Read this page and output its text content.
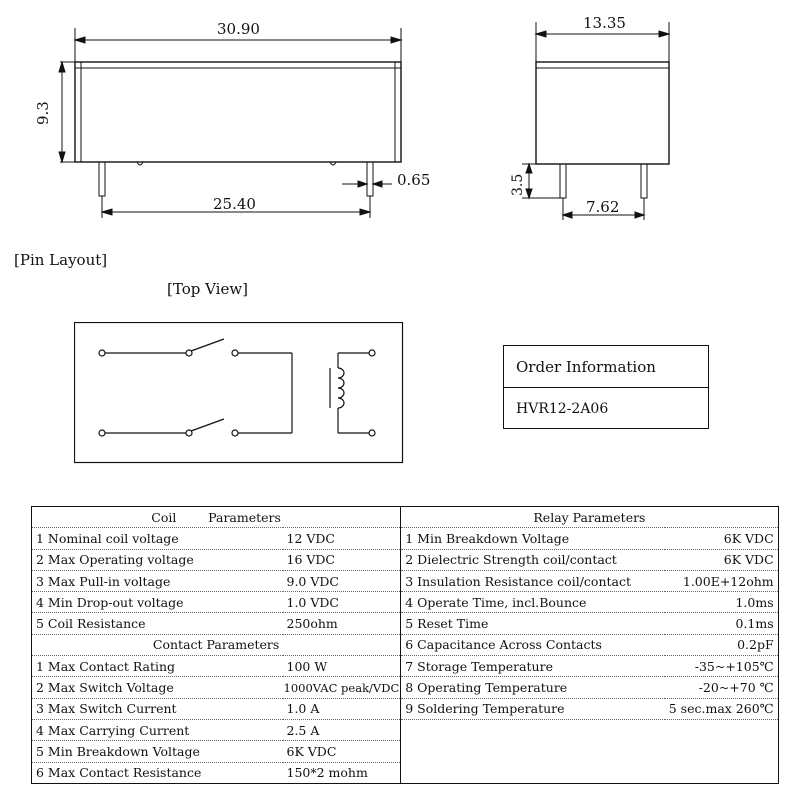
30.90
9.3
0.65
25.40
13.35
3.5
7.62
[Pin Layout]
[Top View]
Order Information
HVR12-2A06
Coil        Parameters		Relay Parameters	
1 Nominal coil voltage	12 VDC	1 Min Breakdown Voltage	6K VDC
2 Max Operating voltage	16 VDC	2 Dielectric Strength coil/contact	6K VDC
3 Max Pull-in voltage	9.0 VDC	3 Insulation Resistance coil/contact	1.00E+12ohm
4 Min Drop-out voltage	1.0 VDC	4 Operate Time, incl.Bounce	1.0ms
5 Coil Resistance	250ohm	5 Reset Time	0.1ms
Contact Parameters		6 Capacitance Across Contacts	0.2pF
1 Max Contact Rating	100 W	7 Storage Temperature	-35~+105℃
2 Max Switch Voltage	1000VAC peak/VDC	8 Operating Temperature	-20~+70 ℃
3 Max Switch Current	1.0 A	9 Soldering Temperature	5 sec.max 260℃
4 Max Carrying Current	2.5 A		
5 Min Breakdown Voltage	6K VDC		
6 Max Contact Resistance	150*2 mohm		
